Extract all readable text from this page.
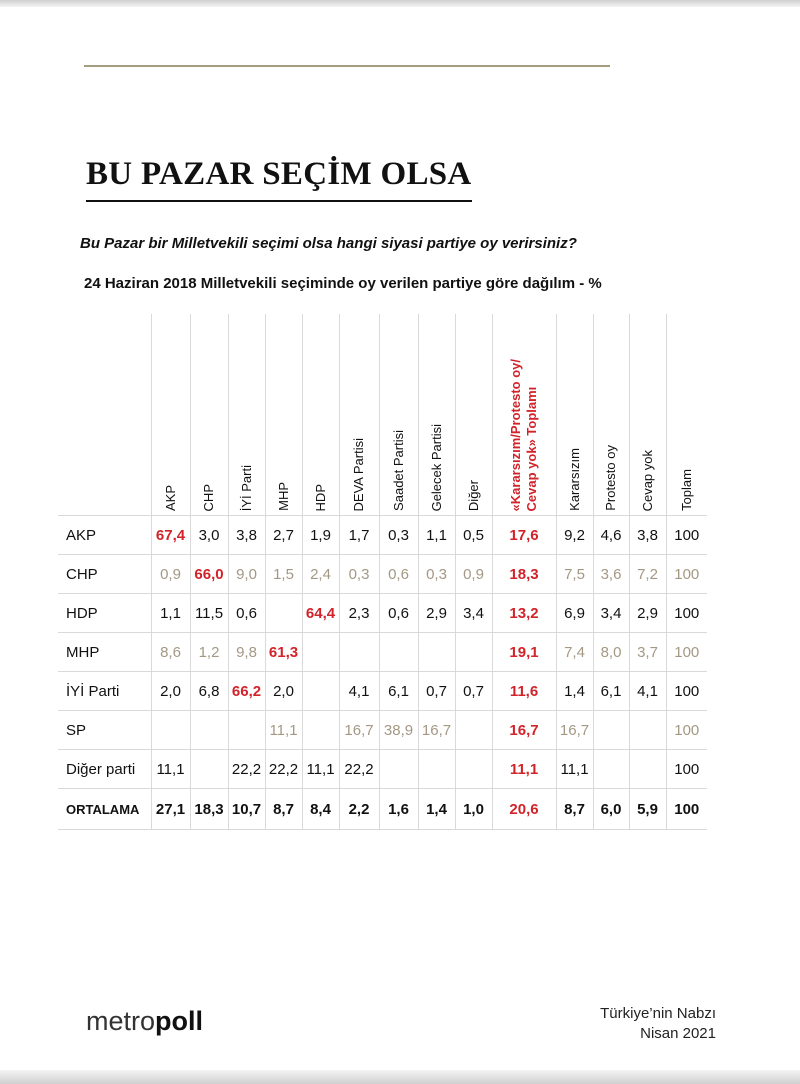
BU PAZAR SEÇİM OLSA
Bu Pazar bir Milletvekili seçimi olsa hangi siyasi partiye oy verirsiniz?
24 Haziran 2018 Milletvekili seçiminde oy verilen partiye göre dağılım - %
	AKP	CHP	İYİ Parti	MHP	HDP	DEVA Partisi	Saadet Partisi	Gelecek Partisi	Diğer	«Kararsızım/Protesto oy/
Cevap yok» Toplamı	Kararsızım	Protesto oy	Cevap yok	Toplam
AKP	67,4	3,0	3,8	2,7	1,9	1,7	0,3	1,1	0,5	17,6	9,2	4,6	3,8	100
CHP	0,9	66,0	9,0	1,5	2,4	0,3	0,6	0,3	0,9	18,3	7,5	3,6	7,2	100
HDP	1,1	11,5	0,6		64,4	2,3	0,6	2,9	3,4	13,2	6,9	3,4	2,9	100
MHP	8,6	1,2	9,8	61,3						19,1	7,4	8,0	3,7	100
İYİ Parti	2,0	6,8	66,2	2,0		4,1	6,1	0,7	0,7	11,6	1,4	6,1	4,1	100
SP				11,1		16,7	38,9	16,7		16,7	16,7			100
Diğer parti	11,1		22,2	22,2	11,1	22,2				11,1	11,1			100
ORTALAMA	27,1	18,3	10,7	8,7	8,4	2,2	1,6	1,4	1,0	20,6	8,7	6,0	5,9	100
metropoll	Türkiye’nin Nabzı
Nisan 2021
